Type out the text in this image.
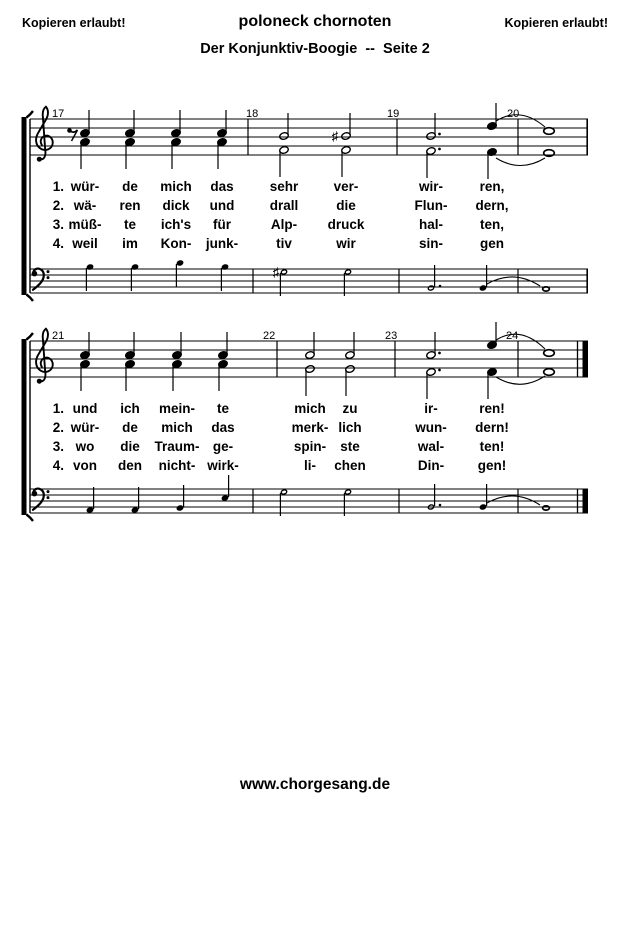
Kopieren erlaubt!	poloneck chornoten	Kopieren erlaubt!
Der Konjunktiv-Boogie  --  Seite 2
♯
♯
17	18	19	20
1. wür- de mich das	sehr	ver-	wir-	ren,
2. wä- ren dick und	drall	die	Flun- dern,
3. müß- te ich's für	Alp- druck	hal-	ten,
4. weil im Kon- junk-	tiv	wir	sin-	gen
21	22	23	24
1. und ich mein- te	mich zu	ir-	ren!
2. wür- de mich das	merk- lich	wun- dern!
3. wo die Traum- ge-	spin- ste	wal-	ten!
4. von den nicht- wirk-	li- chen	Din- gen!
www.chorgesang.de
